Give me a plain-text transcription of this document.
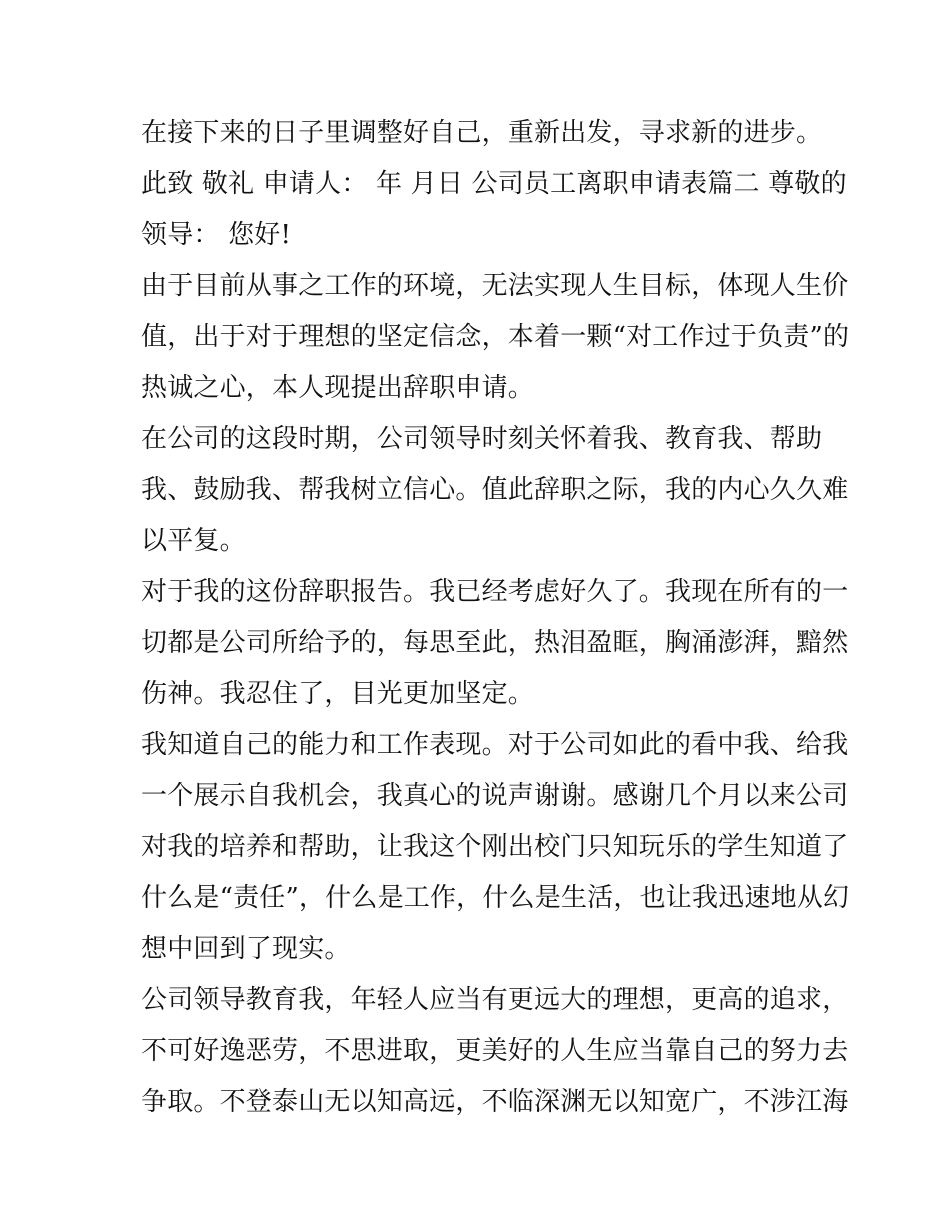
在接下来的日子里调整好自己，重新出发，寻求新的进步。

此致 敬礼 申请人： 年 月日 公司员工离职申请表篇二 尊敬的
领导： 您好!

由于目前从事之工作的环境，无法实现人生目标，体现人生价
值，出于对于理想的坚定信念，本着一颗“对工作过于负责”的
热诚之心，本人现提出辞职申请。

在公司的这段时期，公司领导时刻关怀着我、教育我、帮助
我、鼓励我、帮我树立信心。值此辞职之际，我的内心久久难
以平复。

对于我的这份辞职报告。我已经考虑好久了。我现在所有的一
切都是公司所给予的，每思至此，热泪盈眶，胸涌澎湃，黯然
伤神。我忍住了，目光更加坚定。

我知道自己的能力和工作表现。对于公司如此的看中我、给我
一个展示自我机会，我真心的说声谢谢。感谢几个月以来公司
对我的培养和帮助，让我这个刚出校门只知玩乐的学生知道了
什么是“责任”，什么是工作，什么是生活，也让我迅速地从幻
想中回到了现实。

公司领导教育我，年轻人应当有更远大的理想，更高的追求，
不可好逸恶劳，不思进取，更美好的人生应当靠自己的努力去
争取。不登泰山无以知高远，不临深渊无以知宽广，不涉江海
